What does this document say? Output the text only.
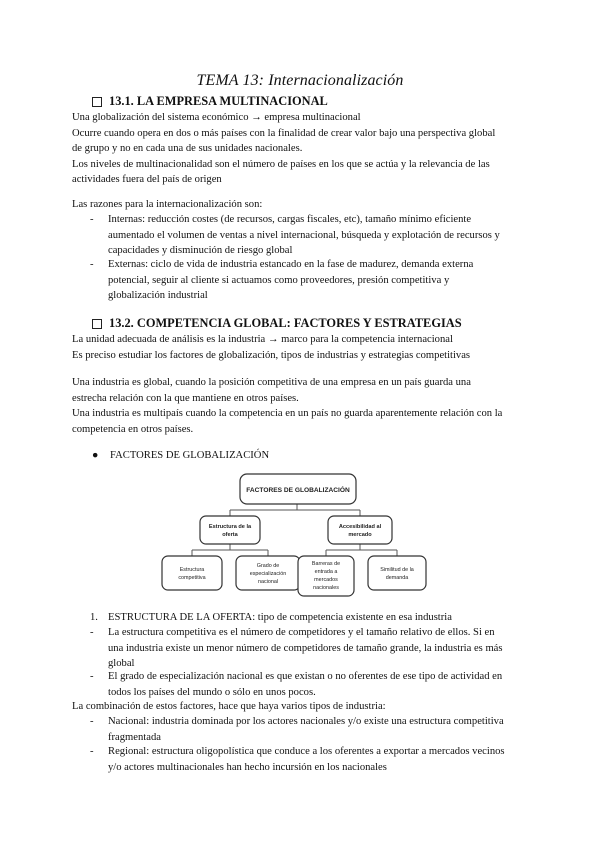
TEMA 13: Internacionalización
13.1. LA EMPRESA MULTINACIONAL
Una globalización del sistema económico → empresa multinacional
Ocurre cuando opera en dos o más países con la finalidad de crear valor bajo una perspectiva global
de grupo y no en cada una de sus unidades nacionales.
Los niveles de multinacionalidad son el número de países en los que se actúa y la relevancia de las
actividades fuera del país de origen
Las razones para la internacionalización son:
- Internas: reducción costes (de recursos, cargas fiscales, etc), tamaño mínimo eficiente
aumentado el volumen de ventas a nivel internacional, búsqueda y explotación de recursos y
capacidades y disminución de riesgo global
- Externas: ciclo de vida de industria estancado en la fase de madurez, demanda externa
potencial, seguir al cliente si actuamos como proveedores, presión competitiva y
globalización industrial
13.2. COMPETENCIA GLOBAL: FACTORES Y ESTRATEGIAS
La unidad adecuada de análisis es la industria → marco para la competencia internacional
Es preciso estudiar los factores de globalización, tipos de industrias y estrategias competitivas
Una industria es global, cuando la posición competitiva de una empresa en un país guarda una
estrecha relación con la que mantiene en otros países.
Una industria es multipaís cuando la competencia en un país no guarda aparentemente relación con la
competencia en otros países.
● FACTORES DE GLOBALIZACIÓN
FACTORES DE GLOBALIZACIÓN
Estructura de la
oferta
Accesibilidad al
mercado
Estructura
competitiva
Grado de
especialización
nacional
Barreras de
entrada a
mercados
nacionales
Similitud de la
demanda
1. ESTRUCTURA DE LA OFERTA: tipo de competencia existente en esa industria
- La estructura competitiva es el número de competidores y el tamaño relativo de ellos. Si en
una industria existe un menor número de competidores de tamaño grande, la industria es más
global
- El grado de especialización nacional es que existan o no oferentes de ese tipo de actividad en
todos los países del mundo o sólo en unos pocos.
La combinación de estos factores, hace que haya varios tipos de industria:
- Nacional: industria dominada por los actores nacionales y/o existe una estructura competitiva
fragmentada
- Regional: estructura oligopolística que conduce a los oferentes a exportar a mercados vecinos
y/o actores multinacionales han hecho incursión en los nacionales
